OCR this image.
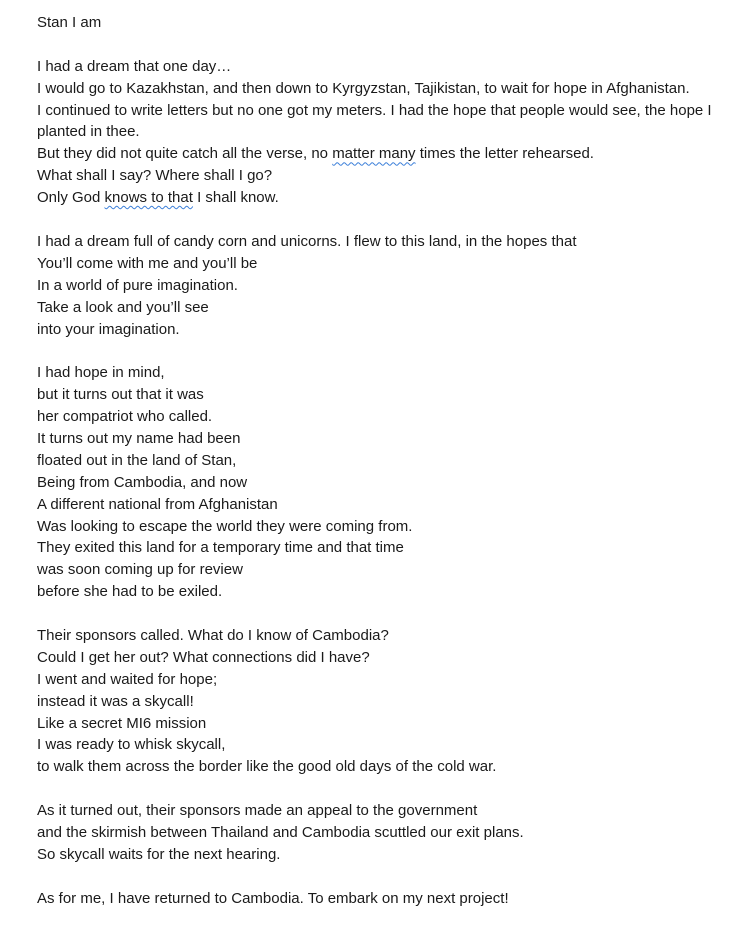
Stan I am
I had a dream that one day…
I would go to Kazakhstan, and then down to Kyrgyzstan, Tajikistan, to wait for hope in Afghanistan.
I continued to write letters but no one got my meters. I had the hope that people would see, the hope I planted in thee.
But they did not quite catch all the verse, no matter many times the letter rehearsed.
What shall I say? Where shall I go?
Only God knows to that I shall know.
I had a dream full of candy corn and unicorns. I flew to this land, in the hopes that
You’ll come with me and you’ll be
In a world of pure imagination.
Take a look and you’ll see
into your imagination.
I had hope in mind,
but it turns out that it was
her compatriot who called.
It turns out my name had been
floated out in the land of Stan,
Being from Cambodia, and now
A different national from Afghanistan
Was looking to escape the world they were coming from.
They exited this land for a temporary time and that time
was soon coming up for review
before she had to be exiled.
Their sponsors called. What do I know of Cambodia?
Could I get her out? What connections did I have?
I went and waited for hope;
instead it was a skycall!
Like a secret MI6 mission
I was ready to whisk skycall,
to walk them across the border like the good old days of the cold war.
As it turned out, their sponsors made an appeal to the government
and the skirmish between Thailand and Cambodia scuttled our exit plans.
So skycall waits for the next hearing.
As for me, I have returned to Cambodia. To embark on my next project!
